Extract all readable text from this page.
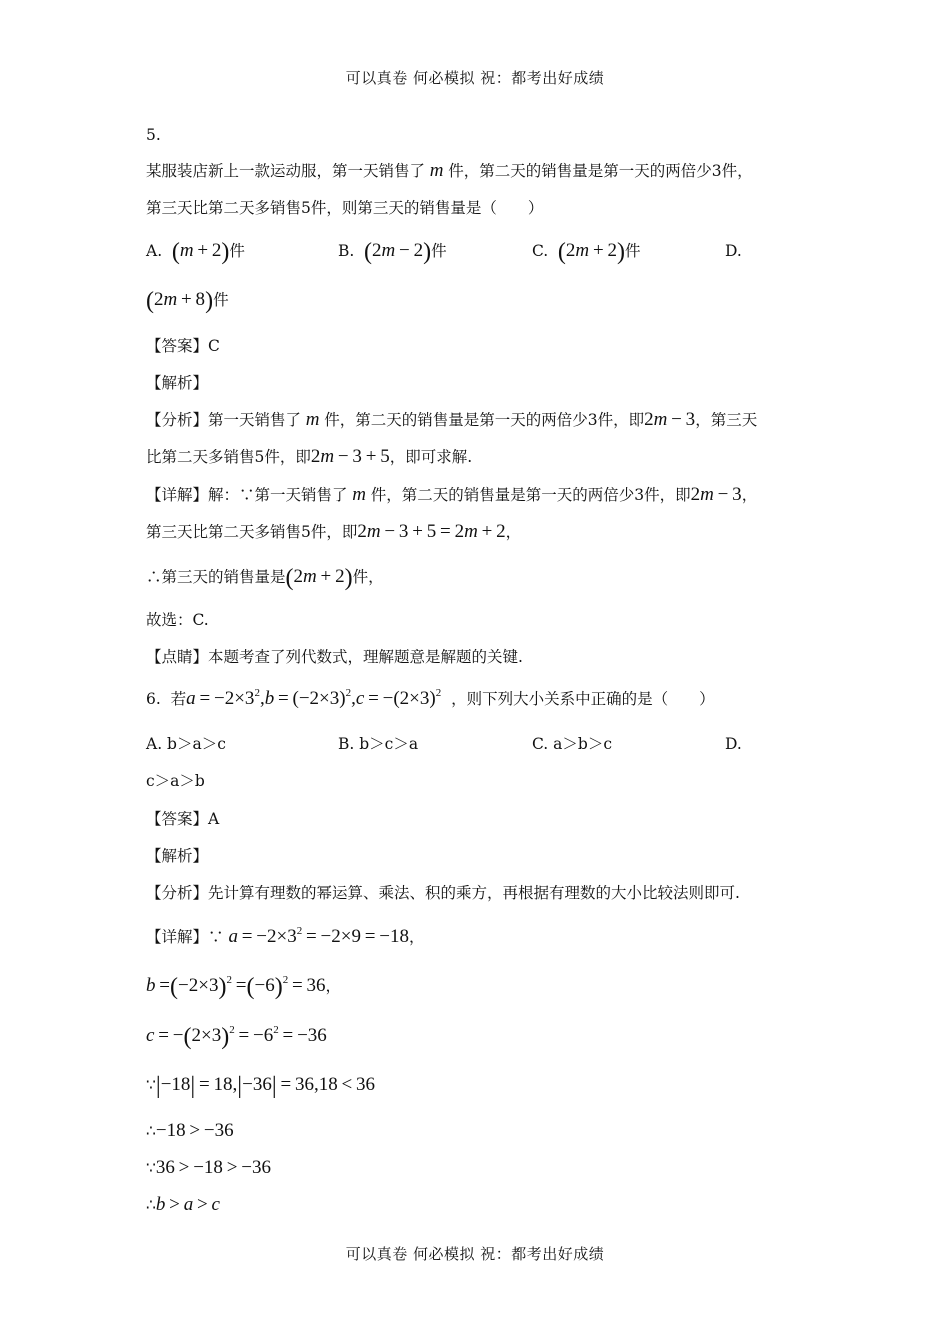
可以真卷 何必模拟 祝：都考出好成绩
5.
某服装店新上一款运动服，第一天销售了 m 件，第二天的销售量是第一天的两倍少3件，
第三天比第二天多销售5件，则第三天的销售量是（　　）
A. (m + 2)件	B. (2m − 2)件	C. (2m + 2)件	D.
(2m + 8)件
【答案】C
【解析】
【分析】第一天销售了 m 件，第二天的销售量是第一天的两倍少3件，即2m − 3，第三天
比第二天多销售5件，即2m − 3 + 5，即可求解.
【详解】解：∵第一天销售了 m 件，第二天的销售量是第一天的两倍少3件，即2m − 3，
第三天比第二天多销售5件，即2m − 3 + 5 = 2m + 2，
∴第三天的销售量是(2m + 2)件，
故选：C.
【点睛】本题考查了列代数式，理解题意是解题的关键.
6. 若$a = -2\times 3^2,b = (-2\times 3)^2,c = -(2\times 3)^2$ ，则下列大小关系中正确的是（　　）
A. b＞a＞c	B. b＞c＞a	C. a＞b＞c	D.
c＞a＞b
【答案】A
【解析】
【分析】先计算有理数的幂运算、乘法、积的乘方，再根据有理数的大小比较法则即可.
【详解】∵ $a = -2\times 3^2 = -2\times 9 = -18$，
$b =(-2\times 3)^2 =(-6)^2 = 36$，
$c = -(2\times 3)^2 = -6^2 = -36$
∵|−18| = 18,|−36| = 36,18 < 36
∴−18 > −36
∵36 > −18 > −36
∴b > a > c
可以真卷 何必模拟 祝：都考出好成绩
